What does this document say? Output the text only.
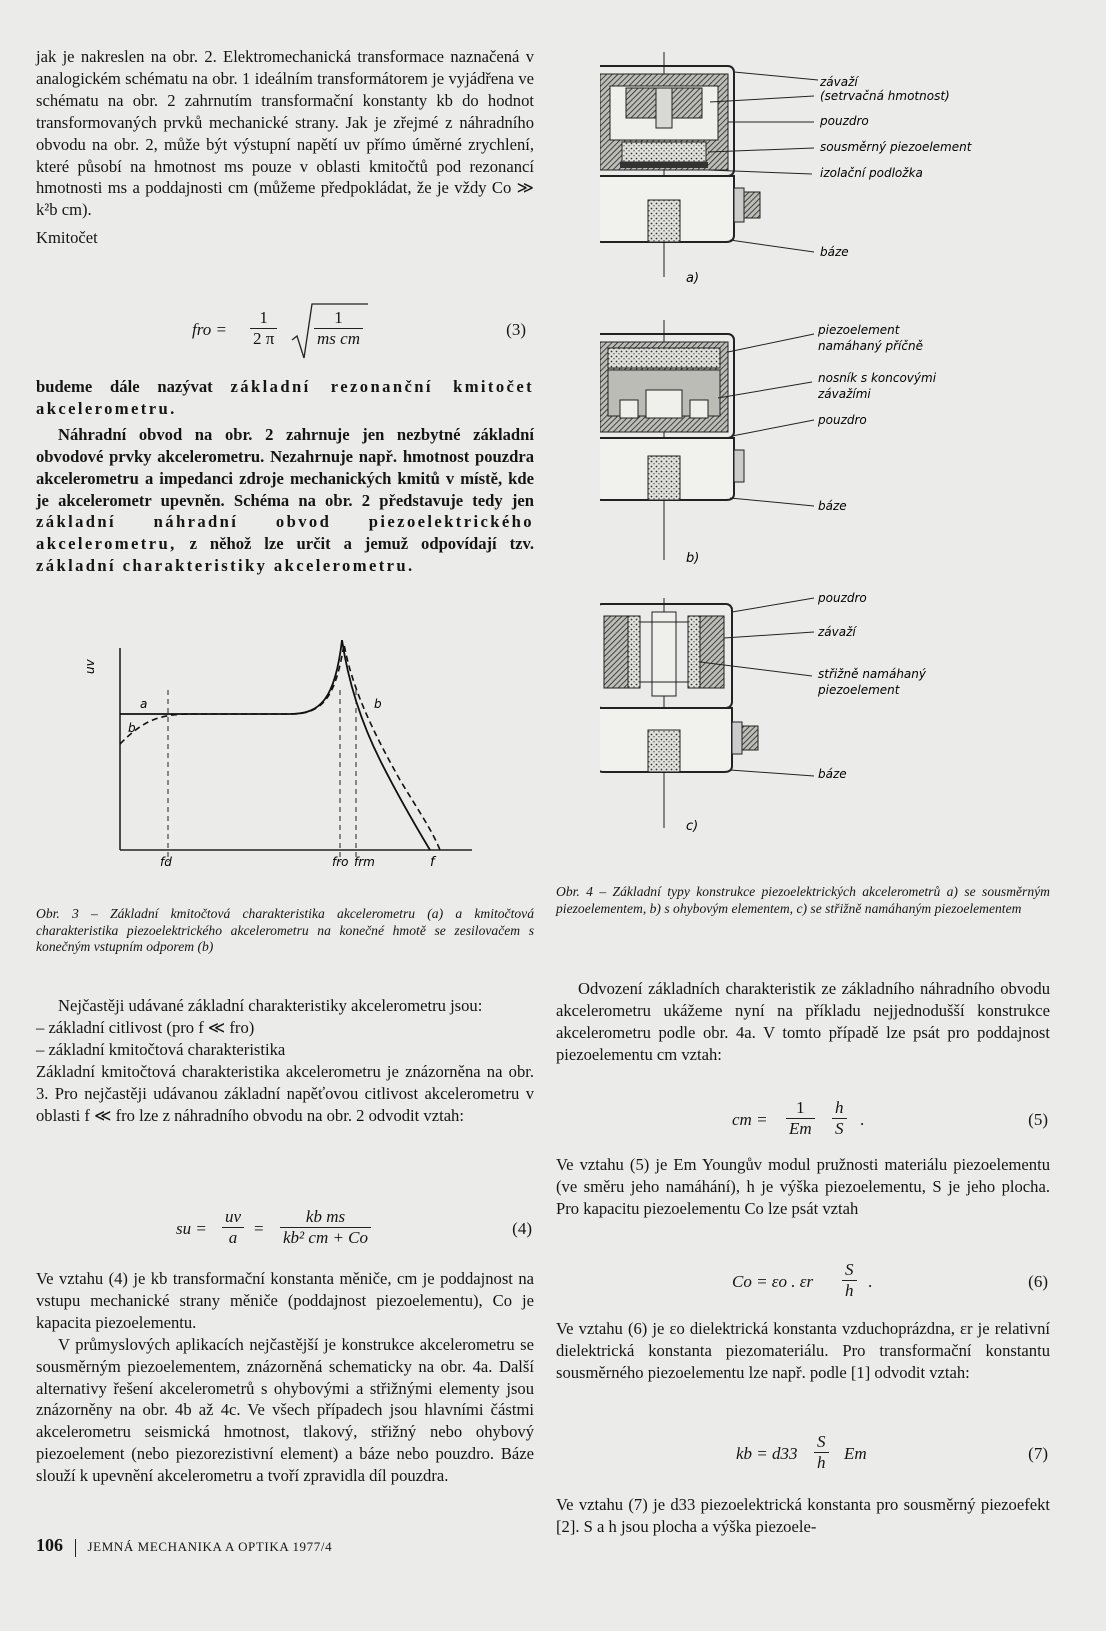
jak je nakreslen na obr. 2. Elektromechanická transformace naznačená v analogickém schématu na obr. 1 ideálním transformátorem je vyjádřena ve schématu na obr. 2 zahrnutím transformační konstanty kb do hodnot transformovaných prvků mechanické strany. Jak je zřejmé z náhradního obvodu na obr. 2, může být výstupní napětí uv přímo úměrné zrychlení, které působí na hmotnost ms pouze v oblasti kmitočtů pod rezonancí hmotnosti ms a poddajnosti cm (můžeme předpokládat, že je vždy Co ≫ k²b cm).

Kmitočet

fro = $\frac{1}{2 \pi} \frac{1}{\text{ms cm}}$	(3)

budeme dále nazývat základní rezonanční kmitočet akcelerometru.

Náhradní obvod na obr. 2 zahrnuje jen nezbytné základní obvodové prvky akcelerometru. Nezahrnuje např. hmotnost pouzdra akcelerometru a impedanci zdroje mechanických kmitů v místě, kde je akcelerometr upevněn. Schéma na obr. 2 představuje tedy jen základní náhradní obvod piezoelektrického akcelerometru, z něhož lze určit a jemuž odpovídají tzv. základní charakteristiky akcelerometru.

uv
fd	fro frm
a
b
b
f
Obr. 3 – Základní kmitočtová charakteristika akcelerometru (a) a kmitočtová charakteristika piezoelektrického akcelerometru na konečné hmotě se zesilovačem s konečným vstupním odporem (b)

Nejčastěji udávané základní charakteristiky akcelerometru jsou:

– základní citlivost (pro f ≪ fro)

– základní kmitočtová charakteristika

Základní kmitočtová charakteristika akcelerometru je znázorněna na obr. 3. Pro nejčastěji udávanou základní napěťovou citlivost akcelerometru v oblasti f ≪ fro lze z náhradního obvodu na obr. 2 odvodit vztah:

su = $\frac{uv}{a} = \frac{\text{kb ms}}{\text{kb² cm + Co}}$	(4)

Ve vztahu (4) je kb transformační konstanta měniče, cm je poddajnost na vstupu mechanické strany měniče (poddajnost piezoelementu), Co je kapacita piezoelementu.

V průmyslových aplikacích nejčastější je konstrukce akcelerometru se sousměrným piezoelementem, znázorněná schematicky na obr. 4a. Další alternativy řešení akcelerometrů s ohybovými a střižnými elementy jsou znázorněny na obr. 4b až 4c. Ve všech případech jsou hlavními částmi akcelerometru seismická hmotnost, tlakový, střižný nebo ohybový piezoelement (nebo piezorezistivní element) a báze nebo pouzdro. Báze slouží k upevnění akcelerometru a tvoří zpravidla díl pouzdra.

závaží
(setrvačná hmotnost)
pouzdro
sousměrný piezoelement
izolační podložka
báze
a)
piezoelement
namáhaný příčně
nosník s koncovými
závažími
pouzdro
báze
b)
pouzdro
závaží
střižně namáhaný
piezoelement
báze
c)
Obr. 4 – Základní typy konstrukce piezoelektrických akcelerometrů a) se sousměrným piezoelementem, b) s ohybovým elementem, c) se střižně namáhaným piezoelementem

Odvození základních charakteristik ze základního náhradního obvodu akcelerometru ukážeme nyní na příkladu nejjednodušší konstrukce akcelerometru podle obr. 4a. V tomto případě lze psát pro poddajnost piezoelementu cm vztah:

cm = $\frac{1}{Em} \frac{h}{S}$ .	(5)

Ve vztahu (5) je Em Youngův modul pružnosti materiálu piezoelementu (ve směru jeho namáhání), h je výška piezoelementu, S je jeho plocha. Pro kapacitu piezoelementu Co lze psát vztah

Co = εo . εr $\frac{S}{h}$ .	(6)

Ve vztahu (6) je εo dielektrická konstanta vzduchoprázdna, εr je relativní dielektrická konstanta piezomateriálu. Pro transformační konstantu sousměrného piezoelementu lze např. podle [1] odvodit vztah:

kb = $d33 \frac{S}{h}$ Em	(7)

Ve vztahu (7) je d33 piezoelektrická konstanta pro sousměrný piezoefekt [2]. S a h jsou plocha a výška piezoele-

106 JEMNÁ MECHANIKA A OPTIKA 1977/4
